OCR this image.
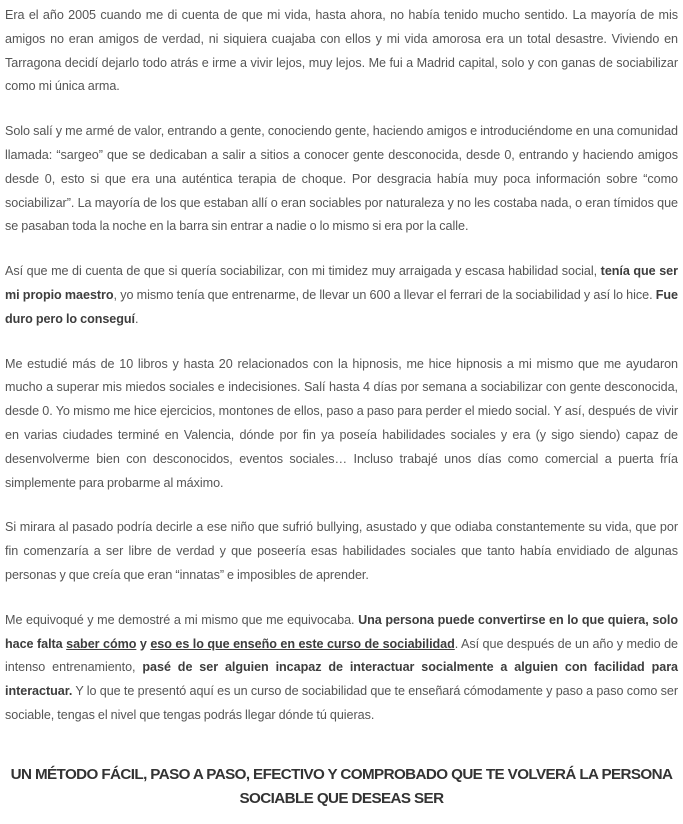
Era el año 2005 cuando me di cuenta de que mi vida, hasta ahora, no había tenido mucho sentido. La mayoría de mis amigos no eran amigos de verdad, ni siquiera cuajaba con ellos y mi vida amorosa era un total desastre. Viviendo en Tarragona decidí dejarlo todo atrás e irme a vivir lejos, muy lejos. Me fui a Madrid capital, solo y con ganas de sociabilizar como mi única arma.

Solo salí y me armé de valor, entrando a gente, conociendo gente, haciendo amigos e introduciéndome en una comunidad llamada: “sargeo” que se dedicaban a salir a sitios a conocer gente desconocida, desde 0, entrando y haciendo amigos desde 0, esto si que era una auténtica terapia de choque. Por desgracia había muy poca información sobre “como sociabilizar”. La mayoría de los que estaban allí o eran sociables por naturaleza y no les costaba nada, o eran tímidos que se pasaban toda la noche en la barra sin entrar a nadie o lo mismo si era por la calle.

Así que me di cuenta de que si quería sociabilizar, con mi timidez muy arraigada y escasa habilidad social, tenía que ser mi propio maestro, yo mismo tenía que entrenarme, de llevar un 600 a llevar el ferrari de la sociabilidad y así lo hice. Fue duro pero lo conseguí.

Me estudié más de 10 libros y hasta 20 relacionados con la hipnosis, me hice hipnosis a mi mismo que me ayudaron mucho a superar mis miedos sociales e indecisiones. Salí hasta 4 días por semana a sociabilizar con gente desconocida, desde 0. Yo mismo me hice ejercicios, montones de ellos, paso a paso para perder el miedo social. Y así, después de vivir en varias ciudades terminé en Valencia, dónde por fin ya poseía habilidades sociales y era (y sigo siendo) capaz de desenvolverme bien con desconocidos, eventos sociales… Incluso trabajé unos días como comercial a puerta fría simplemente para probarme al máximo.

Si mirara al pasado podría decirle a ese niño que sufrió bullying, asustado y que odiaba constantemente su vida, que por fin comenzaría a ser libre de verdad y que poseería esas habilidades sociales que tanto había envidiado de algunas personas y que creía que eran “innatas” e imposibles de aprender.

Me equivoqué y me demostré a mi mismo que me equivocaba. Una persona puede convertirse en lo que quiera, solo hace falta saber cómo y eso es lo que enseño en este curso de sociabilidad. Así que después de un año y medio de intenso entrenamiento, pasé de ser alguien incapaz de interactuar socialmente a alguien con facilidad para interactuar. Y lo que te presentó aquí es un curso de sociabilidad que te enseñará cómodamente y paso a paso como ser sociable, tengas el nivel que tengas podrás llegar dónde tú quieras.

UN MÉTODO FÁCIL, PASO A PASO, EFECTIVO Y COMPROBADO QUE TE VOLVERÁ LA PERSONA SOCIABLE QUE DESEAS SER
